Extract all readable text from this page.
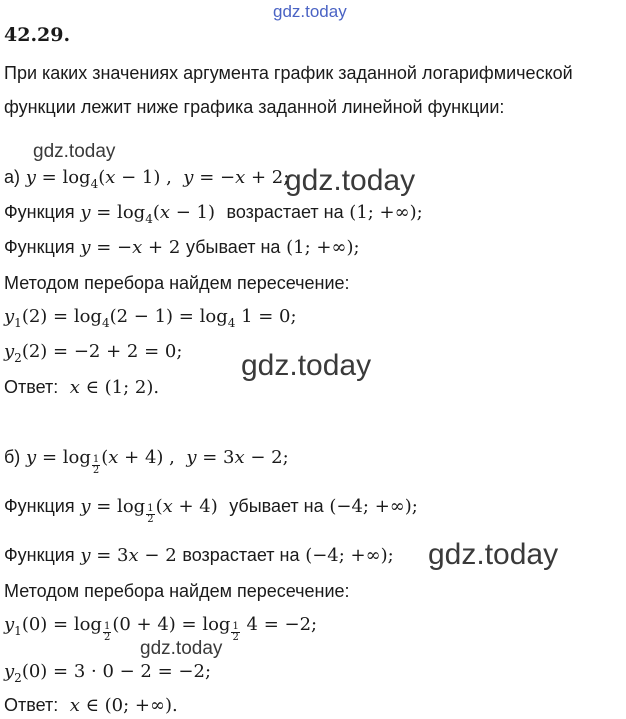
gdz.today
gdz.today
gdz.today
gdz.today
gdz.today
gdz.today
42.29.
При каких значениях аргумента график заданной логарифмической
функции лежит ниже графика заданной линейной функции:
а) $y = \log_4(x - 1)$ ,  y = −x + 2;
Функция $y = \log_4(x - 1)$  возрастает на (1; +∞);
Функция y = −x + 2 убывает на (1; +∞);
Методом перебора найдем пересечение:
$y_1(2) = \log_4(2 - 1) = \log_4 1 = 0$;
$y_2(2) = -2 + 2 = 0$;
Ответ: x ∈ (1; 2).
б) $y = \log \frac{1}{2} (x + 4)$ ,  y = 3x − 2;
Функция $y = \log \frac{1}{2} (x + 4)$  убывает на (−4; +∞);
Функция y = 3x − 2 возрастает на (−4; +∞);
Методом перебора найдем пересечение:
$y_1(0) = \log \frac{1}{2} (0 + 4) = \log \frac{1}{2} 4 = -2$;
$y_2(0) = 3 \cdot 0 - 2 = -2$;
Ответ: x ∈ (0; +∞).
